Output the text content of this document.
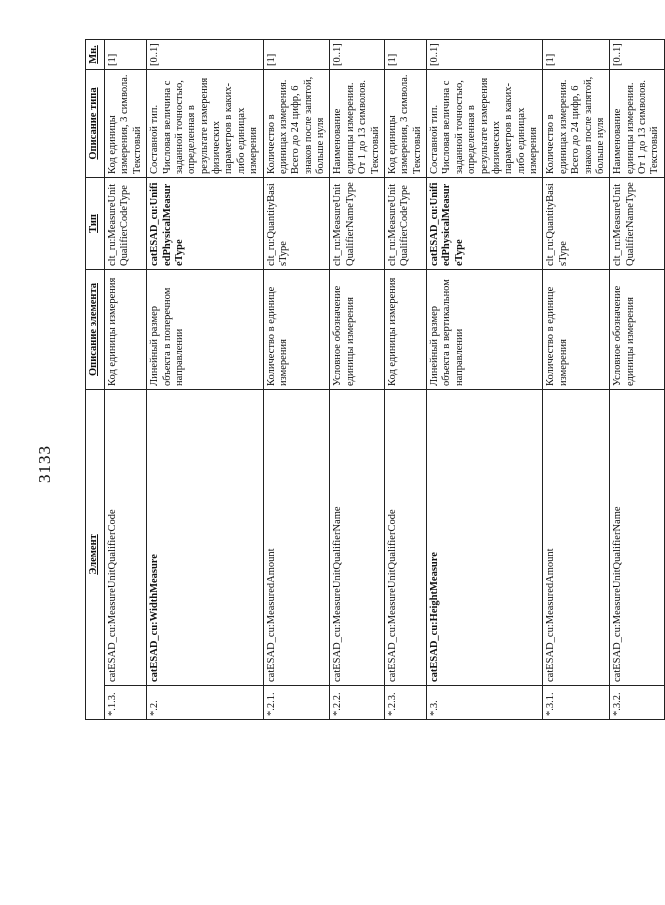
3133
Элемент		Описание элемента	Тип	Описание типа	Мн.
*.1.3.	catESAD_cu:MeasureUnitQualifierCode	Код единицы измерения	clt_ru:MeasureUnitQualifierCodeType	Код единицы измерения, 3 символа. Текстовый	[1]
*.2.	catESAD_cu:WidthMeasure	Линейный размер объекта в поперечном направлении	catESAD_cu:UnifiedPhysicalMeasureType	Составной тип. Числовая величина с заданной точностью, определенная в результате измерения физических параметров в каких-либо единицах измерения	[0..1]
*.2.1.	catESAD_cu:MeasuredAmount	Количество в единице измерения	clt_ru:QuantityBasisType	Количество в единицах измерения. Всего до 24 цифр, 6 знаков после запятой, больше нуля	[1]
*.2.2.	catESAD_cu:MeasureUnitQualifierName	Условное обозначение единицы измерения	clt_ru:MeasureUnitQualifierNameType	Наименование единицы измерения. От 1 до 13 символов. Текстовый	[0..1]
*.2.3.	catESAD_cu:MeasureUnitQualifierCode	Код единицы измерения	clt_ru:MeasureUnitQualifierCodeType	Код единицы измерения, 3 символа. Текстовый	[1]
*.3.	catESAD_cu:HeightMeasure	Линейный размер объекта в вертикальном направлении	catESAD_cu:UnifiedPhysicalMeasureType	Составной тип. Числовая величина с заданной точностью, определенная в результате измерения физических параметров в каких-либо единицах измерения	[0..1]
*.3.1.	catESAD_cu:MeasuredAmount	Количество в единице измерения	clt_ru:QuantityBasisType	Количество в единицах измерения. Всего до 24 цифр, 6 знаков после запятой, больше нуля	[1]
*.3.2.	catESAD_cu:MeasureUnitQualifierName	Условное обозначение единицы измерения	clt_ru:MeasureUnitQualifierNameType	Наименование единицы измерения. От 1 до 13 символов. Текстовый	[0..1]
